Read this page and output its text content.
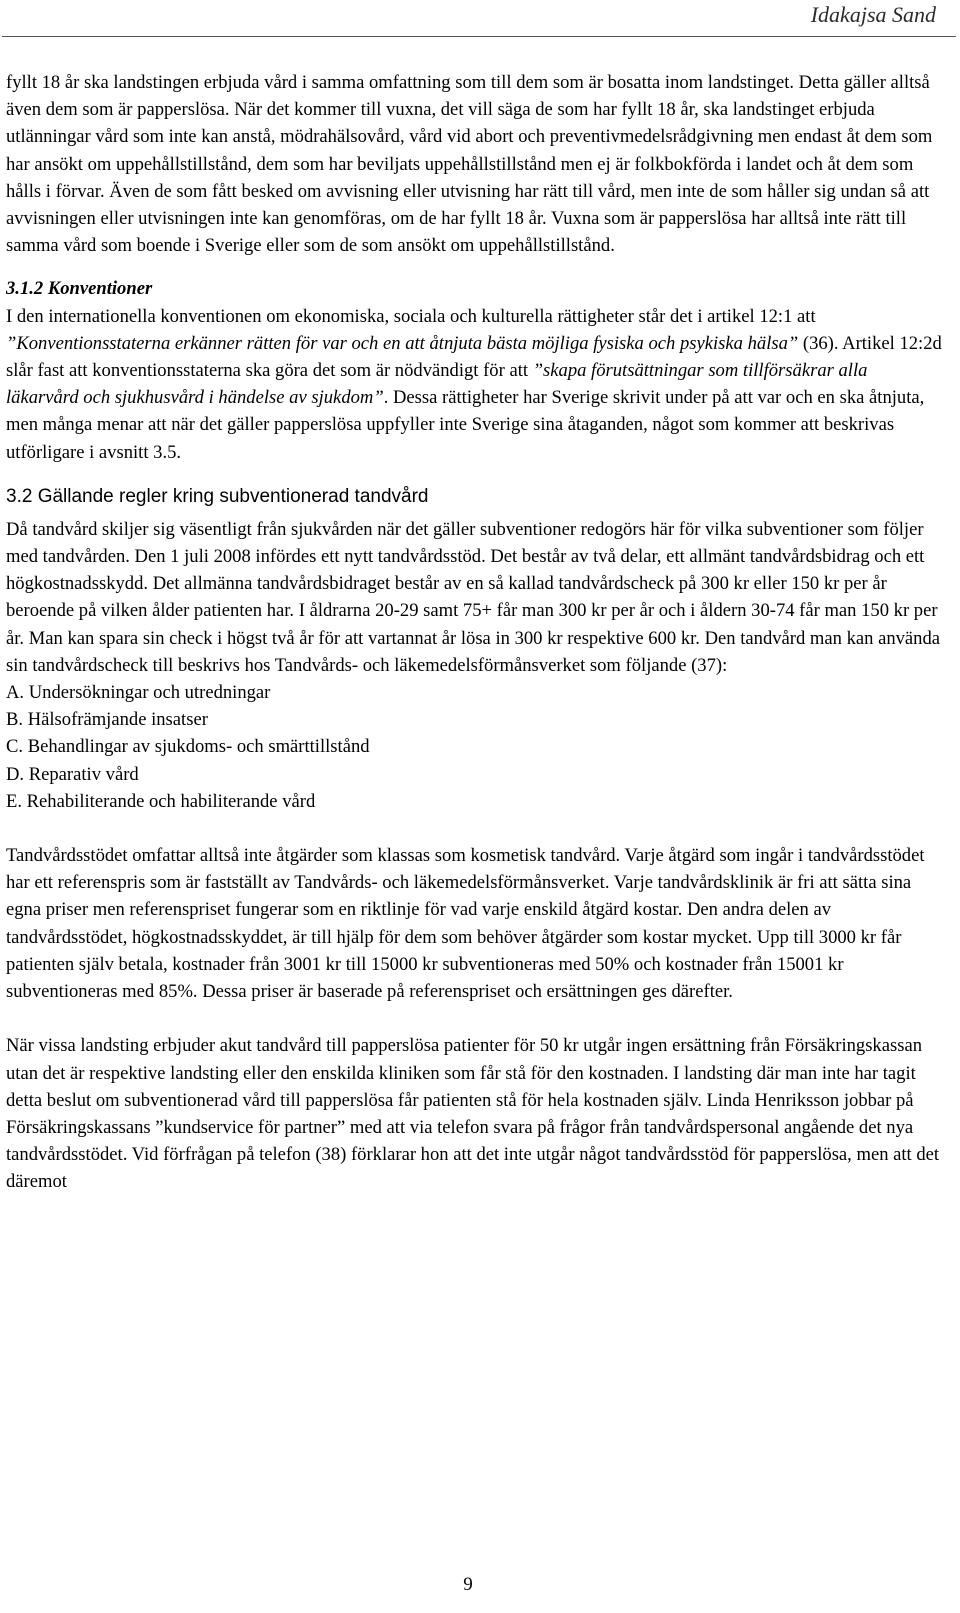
Idakajsa Sand

fyllt 18 år ska landstingen erbjuda vård i samma omfattning som till dem som är bosatta inom landstinget. Detta gäller alltså även dem som är papperslösa. När det kommer till vuxna, det vill säga de som har fyllt 18 år, ska landstinget erbjuda utlänningar vård som inte kan anstå, mödrahälsovård, vård vid abort och preventivmedelsrådgivning men endast åt dem som har ansökt om uppehållstillstånd, dem som har beviljats uppehållstillstånd men ej är folkbokförda i landet och åt dem som hålls i förvar. Även de som fått besked om avvisning eller utvisning har rätt till vård, men inte de som håller sig undan så att avvisningen eller utvisningen inte kan genomföras, om de har fyllt 18 år. Vuxna som är papperslösa har alltså inte rätt till samma vård som boende i Sverige eller som de som ansökt om uppehållstillstånd.

3.1.2 Konventioner

I den internationella konventionen om ekonomiska, sociala och kulturella rättigheter står det i artikel 12:1 att ”Konventionsstaterna erkänner rätten för var och en att åtnjuta bästa möjliga fysiska och psykiska hälsa” (36). Artikel 12:2d slår fast att konventionsstaterna ska göra det som är nödvändigt för att ”skapa förutsättningar som tillförsäkrar alla läkarvård och sjukhusvård i händelse av sjukdom”. Dessa rättigheter har Sverige skrivit under på att var och en ska åtnjuta, men många menar att när det gäller papperslösa uppfyller inte Sverige sina åtaganden, något som kommer att beskrivas utförligare i avsnitt 3.5.

3.2 Gällande regler kring subventionerad tandvård

Då tandvård skiljer sig väsentligt från sjukvården när det gäller subventioner redogörs här för vilka subventioner som följer med tandvården. Den 1 juli 2008 infördes ett nytt tandvårdsstöd. Det består av två delar, ett allmänt tandvårdsbidrag och ett högkostnadsskydd. Det allmänna tandvårdsbidraget består av en så kallad tandvårdscheck på 300 kr eller 150 kr per år beroende på vilken ålder patienten har. I åldrarna 20-29 samt 75+ får man 300 kr per år och i åldern 30-74 får man 150 kr per år. Man kan spara sin check i högst två år för att vartannat år lösa in 300 kr respektive 600 kr. Den tandvård man kan använda sin tandvårdscheck till beskrivs hos Tandvårds- och läkemedelsförmånsverket som följande (37):

A. Undersökningar och utredningar

B. Hälsofrämjande insatser

C. Behandlingar av sjukdoms- och smärttillstånd

D. Reparativ vård

E. Rehabiliterande och habiliterande vård

Tandvårdsstödet omfattar alltså inte åtgärder som klassas som kosmetisk tandvård. Varje åtgärd som ingår i tandvårdsstödet har ett referenspris som är fastställt av Tandvårds- och läkemedelsförmånsverket. Varje tandvårdsklinik är fri att sätta sina egna priser men referenspriset fungerar som en riktlinje för vad varje enskild åtgärd kostar. Den andra delen av tandvårdsstödet, högkostnadsskyddet, är till hjälp för dem som behöver åtgärder som kostar mycket. Upp till 3000 kr får patienten själv betala, kostnader från 3001 kr till 15000 kr subventioneras med 50% och kostnader från 15001 kr subventioneras med 85%. Dessa priser är baserade på referenspriset och ersättningen ges därefter.

När vissa landsting erbjuder akut tandvård till papperslösa patienter för 50 kr utgår ingen ersättning från Försäkringskassan utan det är respektive landsting eller den enskilda kliniken som får stå för den kostnaden. I landsting där man inte har tagit detta beslut om subventionerad vård till papperslösa får patienten stå för hela kostnaden själv. Linda Henriksson jobbar på Försäkringskassans ”kundservice för partner” med att via telefon svara på frågor från tandvårdspersonal angående det nya tandvårdsstödet. Vid förfrågan på telefon (38) förklarar hon att det inte utgår något tandvårdsstöd för papperslösa, men att det däremot

9
